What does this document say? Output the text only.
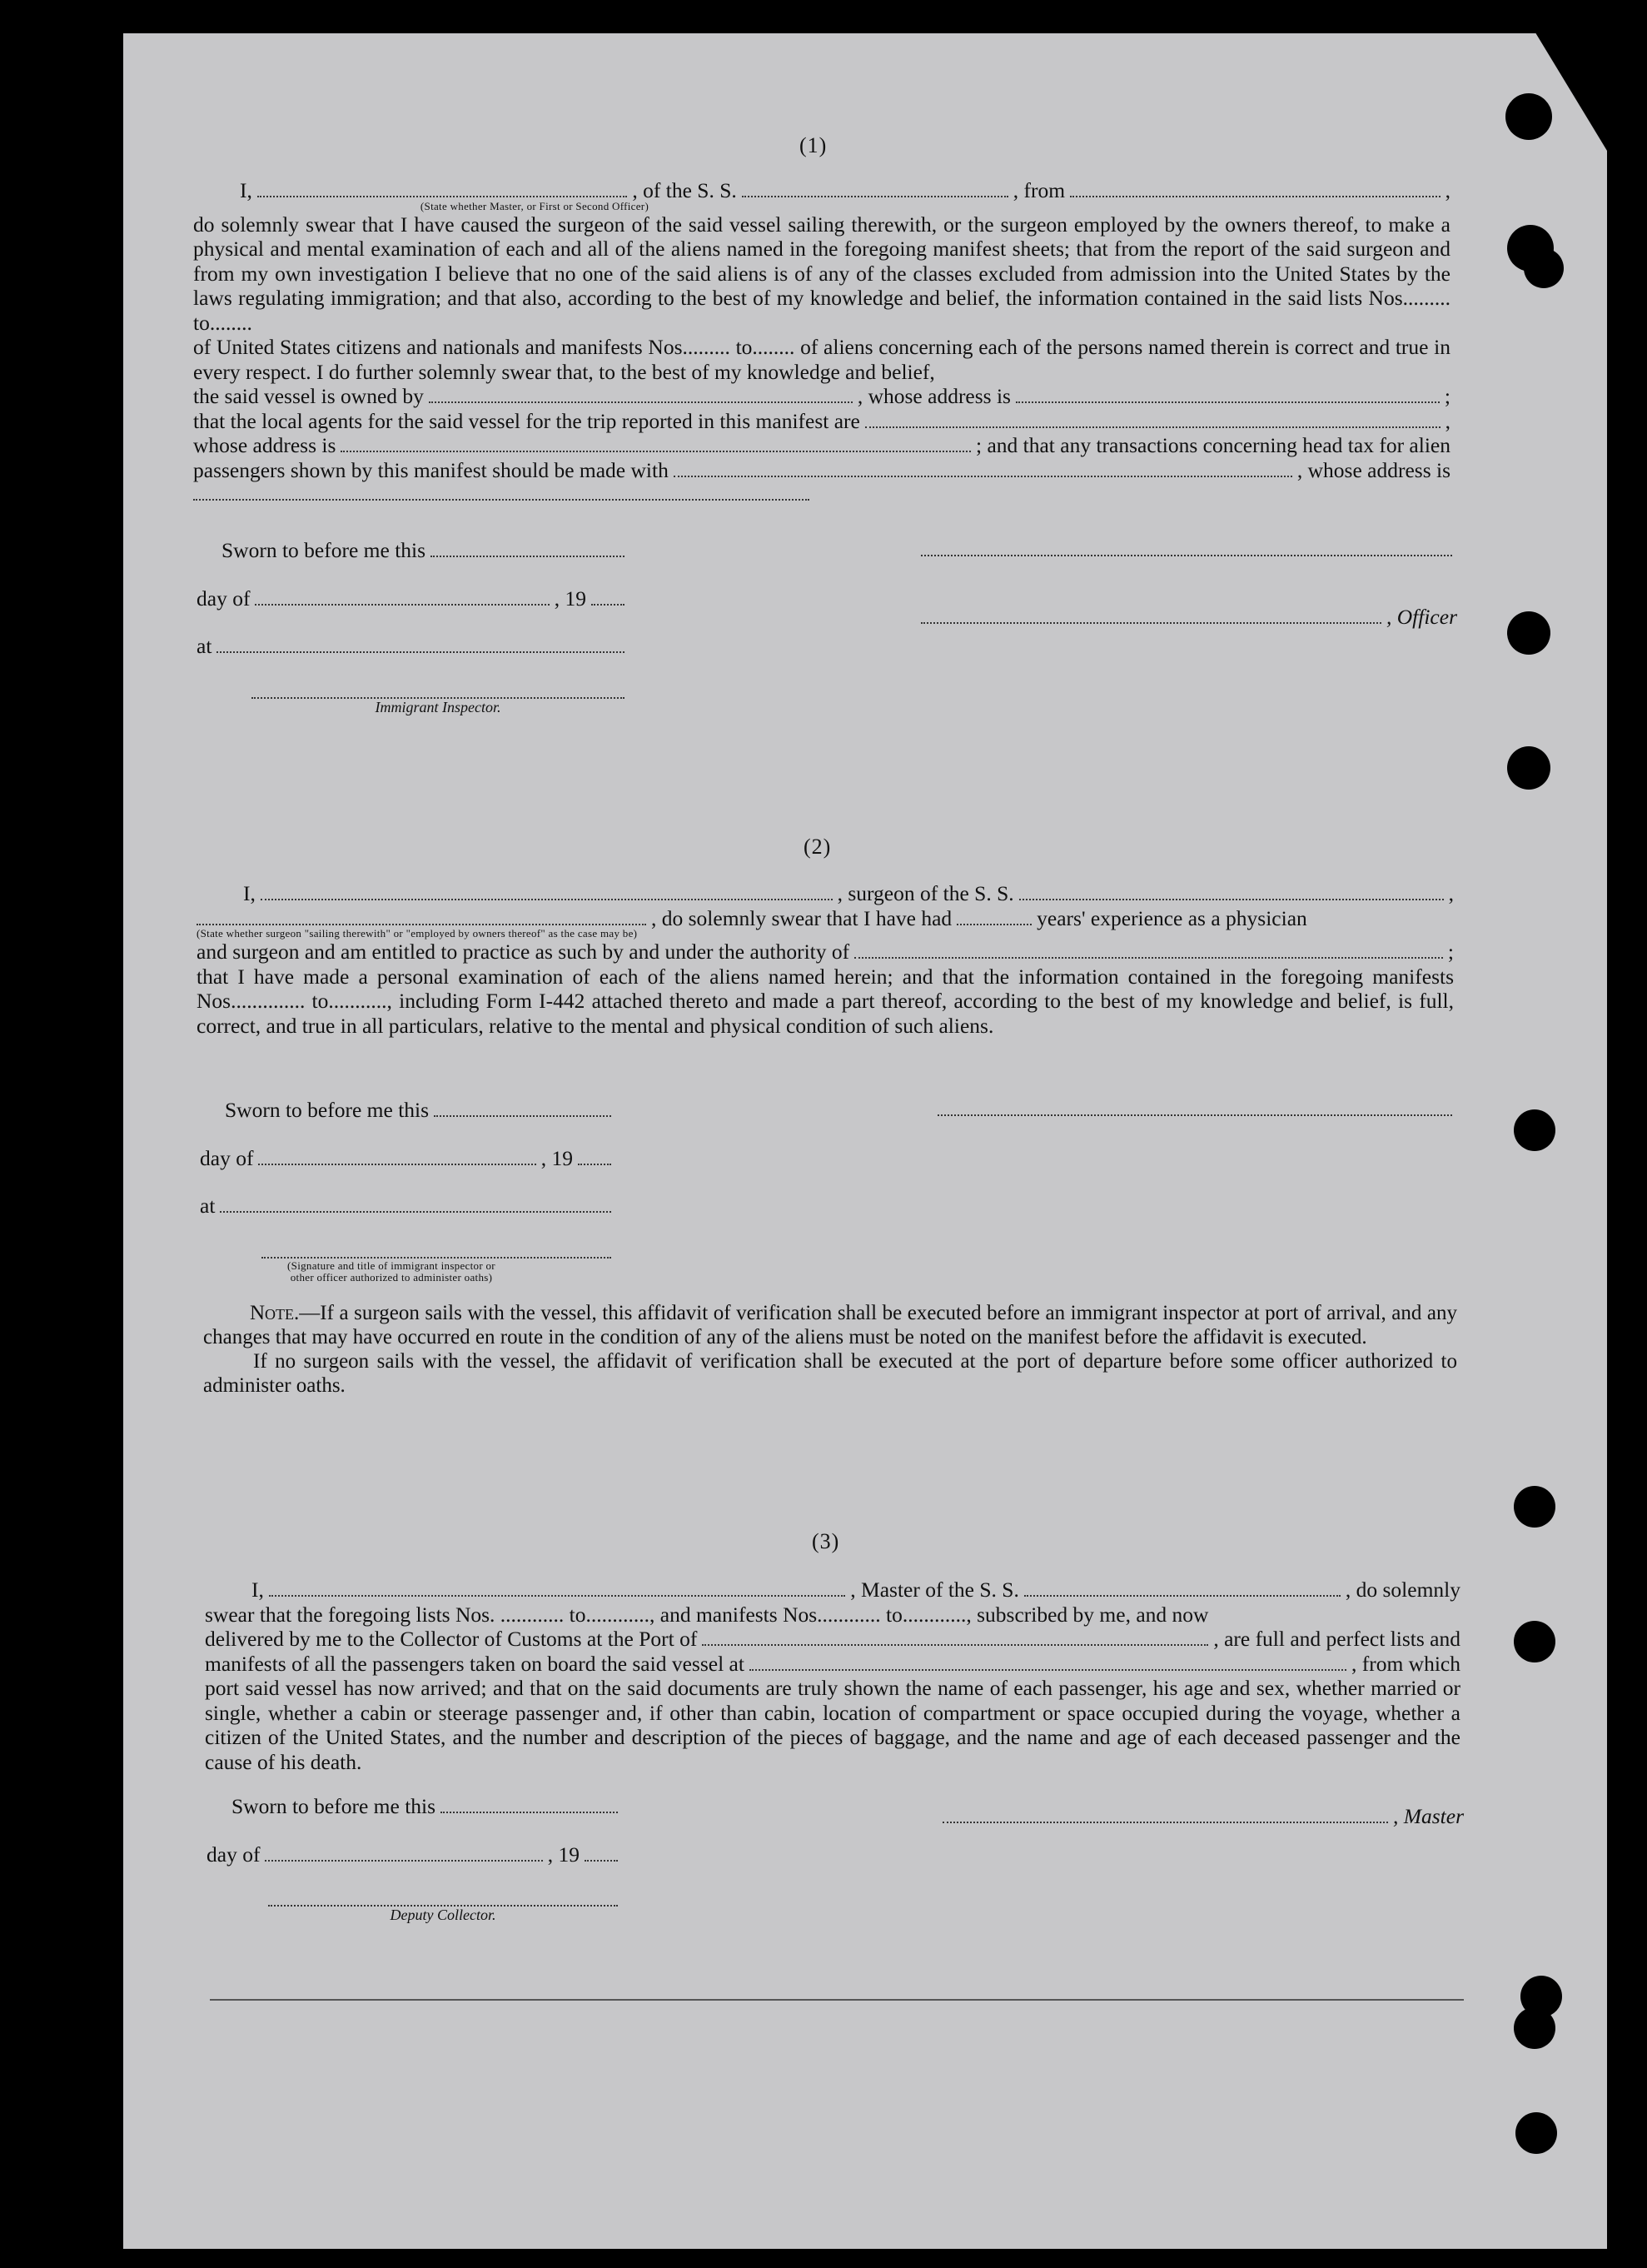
(1)
I,	, of the S. S.	, from	,
(State whether Master, or First or Second Officer)

do solemnly swear that I have caused the surgeon of the said vessel sailing therewith, or the surgeon employed by the owners thereof, to make a physical and mental examination of each and all of the aliens named in the foregoing manifest sheets; that from the report of the said surgeon and from my own investigation I believe that no one of the said aliens is of any of the classes excluded from admission into the United States by the laws regulating immigration; and that also, according to the best of my knowledge and belief, the information contained in the said lists Nos......... to........

of United States citizens and nationals and manifests Nos......... to........ of aliens concerning each of the persons named therein is correct and true in every respect. I do further solemnly swear that, to the best of my knowledge and belief,

the said vessel is owned by	, whose address is	;
that the local agents for the said vessel for the trip reported in this manifest are	,
whose address is	; and that any transactions concerning head tax for alien
passengers shown by this manifest should be made with	, whose address is
Sworn to before me this
day of	, 19
at
Immigrant Inspector.
, Officer
(2)
I,	, surgeon of the S. S.	,
, do solemnly swear that I have had	years' experience as a physician
(State whether surgeon "sailing therewith" or "employed by owners thereof" as the case may be)
and surgeon and am entitled to practice as such by and under the authority of	;

that I have made a personal examination of each of the aliens named herein; and that the information contained in the foregoing manifests Nos.............. to..........., including Form I-442 attached thereto and made a part thereof, according to the best of my knowledge and belief, is full, correct, and true in all particulars, relative to the mental and physical condition of such aliens.

Sworn to before me this
day of	, 19
at
(Signature and title of immigrant inspector or other officer authorized to administer oaths)

Note.—If a surgeon sails with the vessel, this affidavit of verification shall be executed before an immigrant inspector at port of arrival, and any changes that may have occurred en route in the condition of any of the aliens must be noted on the manifest before the affidavit is executed.

If no surgeon sails with the vessel, the affidavit of verification shall be executed at the port of departure before some officer authorized to administer oaths.

(3)
I,	, Master of the S. S.	, do solemnly

swear that the foregoing lists Nos. ............ to............, and manifests Nos............ to............, subscribed by me, and now

delivered by me to the Collector of Customs at the Port of	, are full and perfect lists and
manifests of all the passengers taken on board the said vessel at	, from which

port said vessel has now arrived; and that on the said documents are truly shown the name of each passenger, his age and sex, whether married or single, whether a cabin or steerage passenger and, if other than cabin, location of compartment or space occupied during the voyage, whether a citizen of the United States, and the number and description of the pieces of baggage, and the name and age of each deceased passenger and the cause of his death.

Sworn to before me this
day of	, 19
Deputy Collector.
, Master
